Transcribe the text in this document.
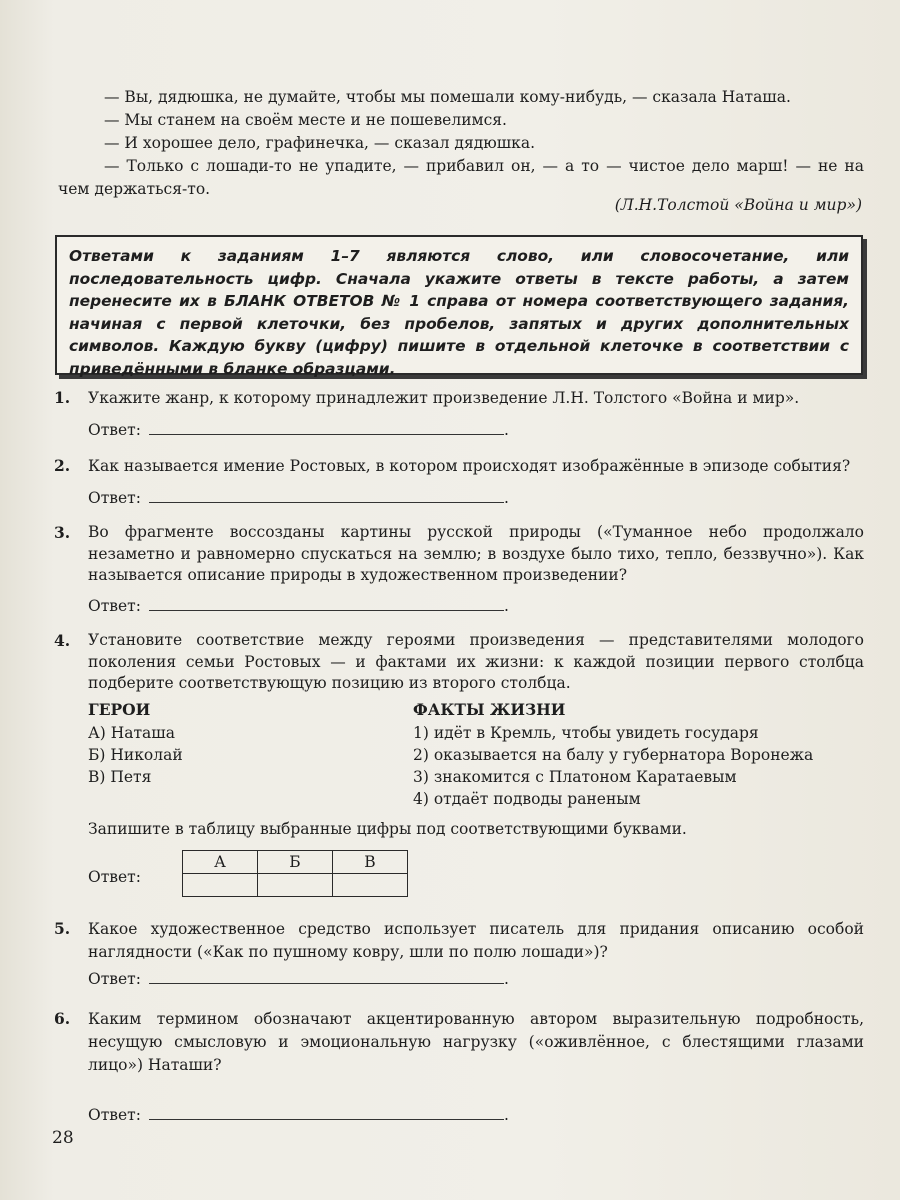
— Вы, дядюшка, не думайте, чтобы мы помешали кому-нибудь, — сказала Наташа.

— Мы станем на своём месте и не пошевелимся.

— И хорошее дело, графинечка, — сказал дядюшка.

— Только с лошади-то не упадите, — прибавил он, — а то — чистое дело марш! — не на

чем держаться-то.

(Л.Н.Толстой «Война и мир»)
Ответами к заданиям 1–7 являются слово, или словосочетание, или последовательность цифр. Сначала укажите ответы в тексте работы, а затем перенесите их в БЛАНК ОТВЕТОВ № 1 справа от номера соответствующего задания, начиная с первой клеточки, без пробелов, запятых и других дополнительных символов. Каждую букву (цифру) пишите в отдельной клеточке в соответствии с приведёнными в бланке образцами.
1. Укажите жанр, к которому принадлежит произведение Л.Н. Толстого «Война и мир».
Ответ:	.
2. Как называется имение Ростовых, в котором происходят изображённые в эпизоде события?
Ответ:	.
3. Во фрагменте воссозданы картины русской природы («Туманное небо продолжало незаметно и равномерно спускаться на землю; в воздухе было тихо, тепло, беззвучно»). Как называется описание природы в художественном произведении?
Ответ:	.
4. Установите соответствие между героями произведения — представителями молодого поколения семьи Ростовых — и фактами их жизни: к каждой позиции первого столбца подберите соответствующую позицию из второго столбца.
ГЕРОИ
А) Наташа
Б) Николай
В) Петя
ФАКТЫ ЖИЗНИ
1) идёт в Кремль, чтобы увидеть государя
2) оказывается на балу у губернатора Воронежа
3) знакомится с Платоном Каратаевым
4) отдаёт подводы раненым
Запишите в таблицу выбранные цифры под соответствующими буквами.
Ответ:
А	Б	В

5. Какое художественное средство использует писатель для придания описанию особой наглядности («Как по пушному ковру, шли по полю лошади»)?
Ответ:	.
6. Каким термином обозначают акцентированную автором выразительную подробность, несущую смысловую и эмоциональную нагрузку («оживлённое, с блестящими глазами лицо») Наташи?
Ответ:	.
28
